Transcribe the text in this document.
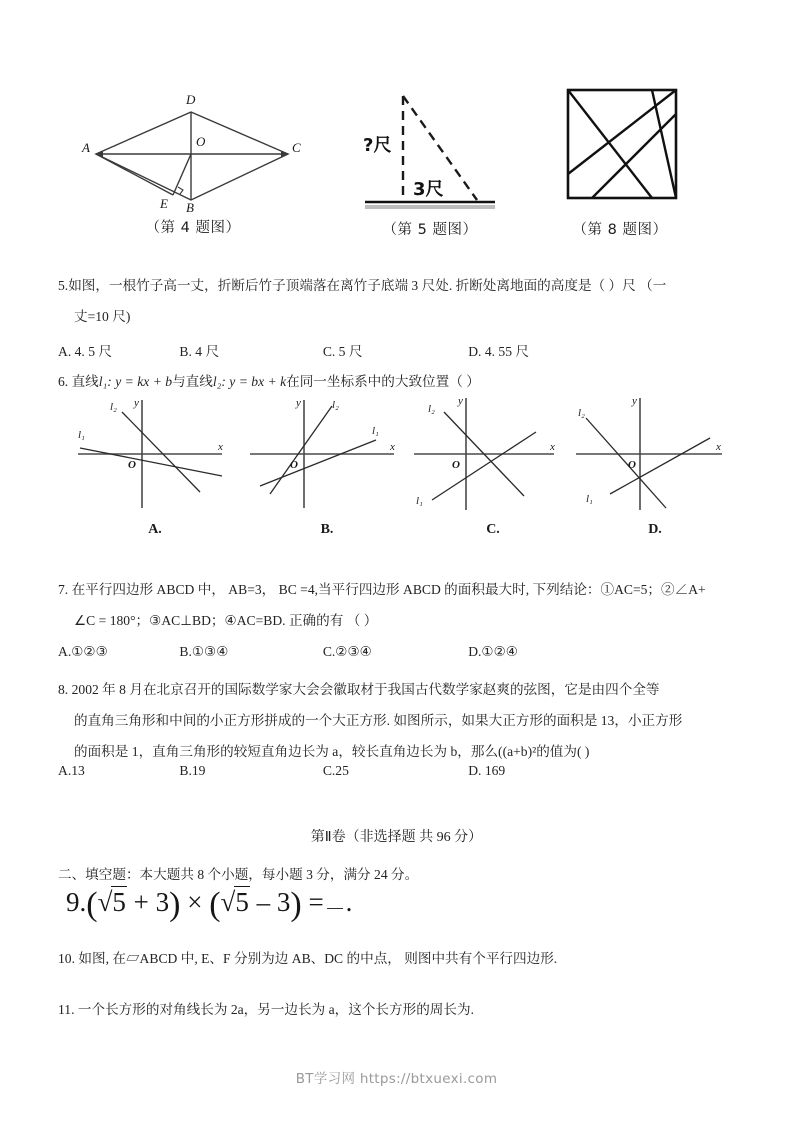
D
O
A	C
E B
（第 4 题图）
?尺
3尺
（第 5 题图）	（第 8 题图）
5.如图，一根竹子高一丈，折断后竹子顶端落在离竹子底端 3 尺处. 折断处离地面的高度是（ ）尺 （一
丈=10 尺)
A. 4. 5 尺	B. 4 尺	C. 5 尺	D. 4. 55 尺
6. 直线l₁: y = kx + b与直线l₂: y = bx + k在同一坐标系中的大致位置（ ）
x
y
O
l₁
l₂
A.
x
y
O
l₁
l₂
B.
x
y
O
l₁
l₂
C.
x
y
O
l₁
l₂
D.
7. 在平行四边形 ABCD 中， AB=3， BC =4,当平行四边形 ABCD 的面积最大时, 下列结论：①AC=5；②∠A+
∠C = 180°；③AC⊥BD；④AC=BD. 正确的有 （ ）
A.①②③	B.①③④	C.②③④	D.①②④
8. 2002 年 8 月在北京召开的国际数学家大会会徽取材于我国古代数学家赵爽的弦图，它是由四个全等
的直角三角形和中间的小正方形拼成的一个大正方形. 如图所示，如果大正方形的面积是 13，小正方形
的面积是 1，直角三角形的较短直角边长为 a，较长直角边长为 b，那么((a+b)²的值为( )
A.13	B.19	C.25	D. 169
第Ⅱ卷（非选择题 共 96 分）
二、填空题：本大题共 8 个小题，每小题 3 分，满分 24 分。
9.(√5 + 3) × (√5 – 3) = .
10. 如图, 在▱ABCD 中, E、F 分别为边 AB、DC 的中点， 则图中共有个平行四边形.
11. 一个长方形的对角线长为 2a，另一边长为 a，这个长方形的周长为.
BT学习网 https://btxuexi.com
